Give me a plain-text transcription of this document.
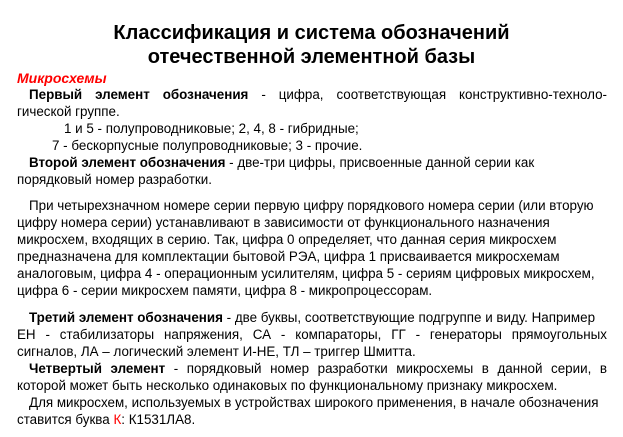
Классификация и система обозначений
отечественной элементной базы
Микросхемы
Первый элемент обозначения - цифра, соответствующая конструктивно-техноло-
гической группе.
1 и 5 - полупроводниковые; 2, 4, 8 - гибридные;
7 - бескорпусные полупроводниковые; 3 - прочие.
Второй элемент обозначения - две-три цифры, присвоенные данной серии как
порядковый номер разработки.
При четырехзначном номере серии первую цифру порядкового номера серии (или вторую
цифру номера серии) устанавливают в зависимости от функционального назначения
микросхем, входящих в серию. Так, цифра 0 определяет, что данная серия микросхем
предназначена для комплектации бытовой РЭА, цифра 1 присваивается микросхемам
аналоговым, цифра 4 - операционным усилителям, цифра 5 - сериям цифровых микросхем,
цифра 6 - серии микросхем памяти, цифра 8 - микропроцессорам.
Третий элемент обозначения - две буквы, соответствующие подгруппе и виду. Например
ЕН - стабилизаторы напряжения, СА - компараторы, ГГ - генераторы прямоугольных
сигналов, ЛА – логический элемент И-НЕ, ТЛ – триггер Шмитта.
Четвертый элемент - порядковый номер разработки микросхемы в данной серии, в
которой может быть несколько одинаковых по функциональному признаку микросхем.
Для микросхем, используемых в устройствах широкого применения, в начале обозначения
ставится буква К: К1531ЛА8.
